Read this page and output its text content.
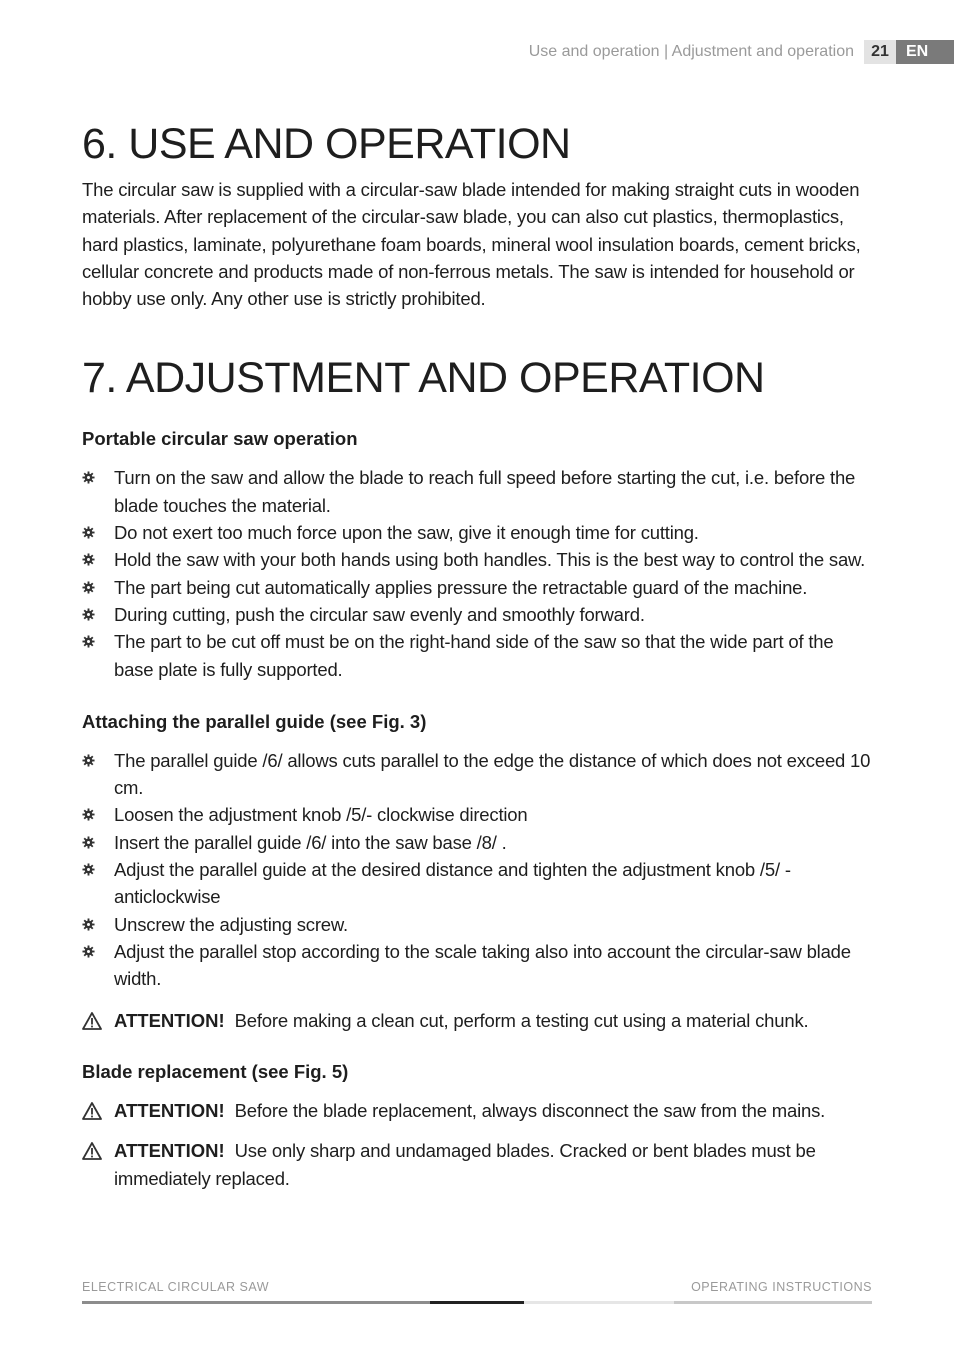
Use and operation | Adjustment and operation	21	EN
6. USE AND OPERATION

The circular saw is supplied with a circular-saw blade intended for making straight cuts in wooden materials. After replacement of the circular-saw blade, you can also cut plastics, thermoplastics, hard plastics, laminate, polyurethane foam boards, mineral wool insulation boards, cement bricks, cellular concrete and products made of non-ferrous metals. The saw is intended for household or hobby use only. Any other use is strictly prohibited.

7. ADJUSTMENT AND OPERATION
Portable circular saw operation
Turn on the saw and allow the blade to reach full speed before starting the cut, i.e. before the blade touches the material.
Do not exert too much force upon the saw, give it enough time for cutting.
Hold the saw with your both hands using both handles. This is the best way to control the saw.
The part being cut automatically applies pressure the retractable guard of the machine.
During cutting, push the circular saw evenly and smoothly forward.
The part to be cut off must be on the right-hand side of the saw so that the wide part of the base plate is fully supported.
Attaching the parallel guide (see Fig. 3)
The parallel guide /6/ allows cuts parallel to the edge the distance of which does not exceed 10 cm.
Loosen the adjustment knob /5/- clockwise direction
Insert the parallel guide /6/ into the saw base /8/ .
Adjust the parallel guide at the desired distance and tighten the adjustment knob /5/ - anticlockwise
Unscrew the adjusting screw.
Adjust the parallel stop according to the scale taking also into account the circular-saw blade width.
ATTENTION! Before making a clean cut, perform a testing cut using a material chunk.
Blade replacement (see Fig. 5)
ATTENTION! Before the blade replacement, always disconnect the saw from the mains.
ATTENTION! Use only sharp and undamaged blades. Cracked or bent blades must be immediately replaced.
ELECTRICAL CIRCULAR SAW	OPERATING INSTRUCTIONS
